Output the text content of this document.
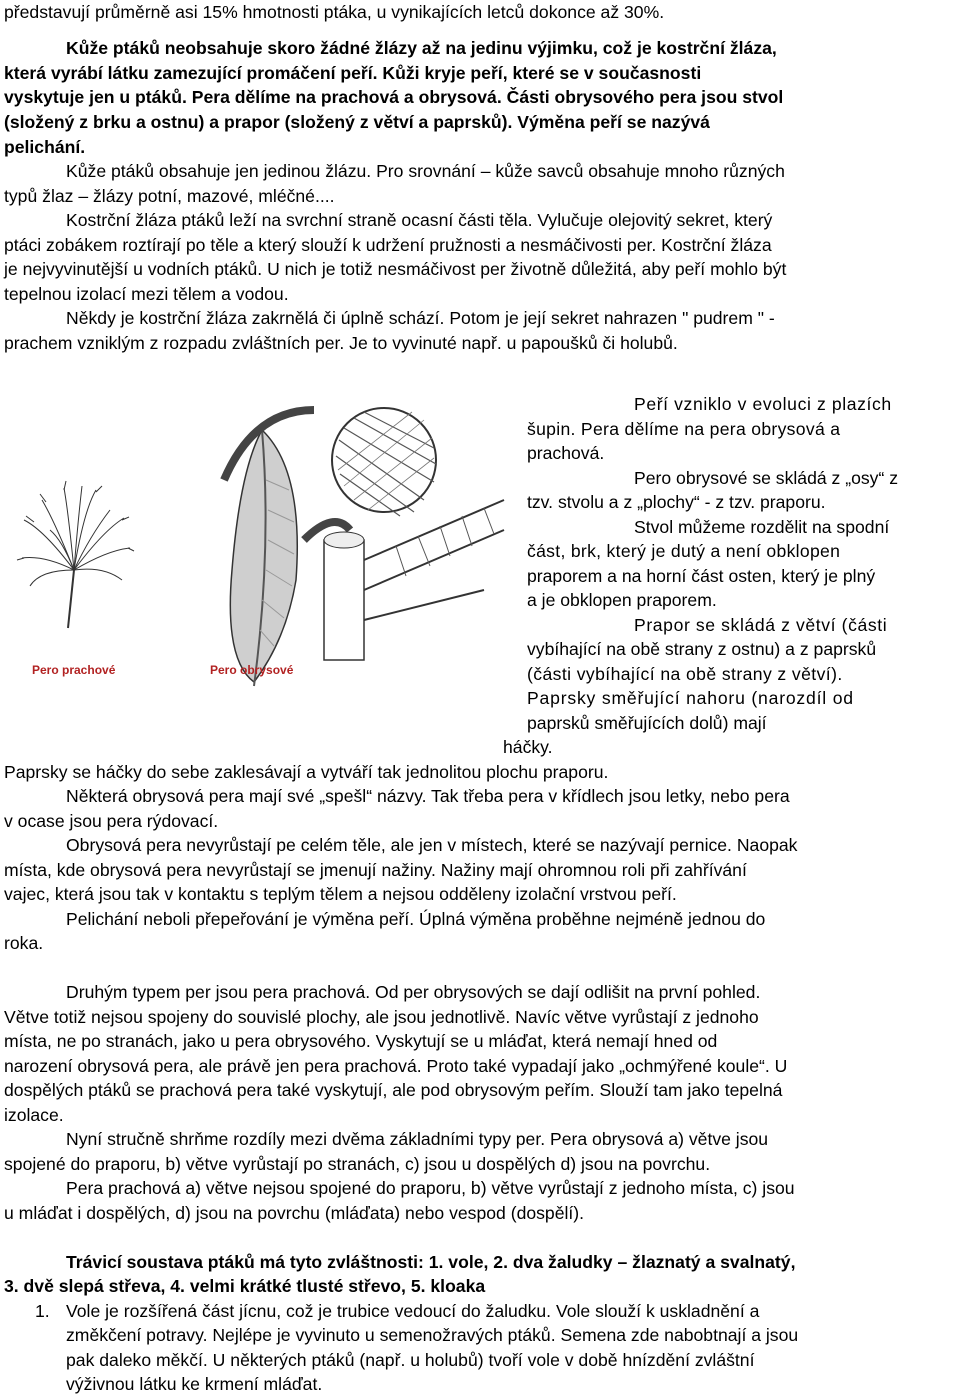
představují průměrně asi 15% hmotnosti ptáka, u vynikajících letců dokonce až 30%.

Kůže ptáků neobsahuje skoro žádné žlázy až na jedinu výjimku, což je kostrční žláza,

která vyrábí látku zamezující promáčení peří. Kůži kryje peří, které se v současnosti

vyskytuje jen u ptáků. Pera dělíme na prachová a obrysová. Části obrysového pera jsou stvol

(složený z brku a ostnu) a prapor (složený z větví a paprsků). Výměna peří se nazývá

pelichání.

Kůže ptáků obsahuje jen jedinou žlázu. Pro srovnání – kůže savců obsahuje mnoho různých

typů žlaz – žlázy potní, mazové, mléčné....

Kostrční žláza ptáků leží na svrchní straně ocasní části těla. Vylučuje olejovitý sekret, který

ptáci zobákem roztírají po těle a který slouží k udržení pružnosti a nesmáčivosti per. Kostrční žláza

je nejvyvinutější u vodních ptáků. U nich je totiž nesmáčivost per životně důležitá, aby peří mohlo být

tepelnou izolací mezi tělem a vodou.

Někdy je kostrční žláza zakrnělá či úplně schází. Potom je její sekret nahrazen " pudrem " -

prachem vzniklým z rozpadu zvláštních per. Je to vyvinuté např. u papoušků či holubů.

Pero prachové	Pero obrysové

Peří vzniklo v evoluci z plazích

šupin. Pera dělíme na pera obrysová a

prachová.

Pero obrysové se skládá z „osy“ z

tzv. stvolu a z „plochy“ - z tzv. praporu.

Stvol můžeme rozdělit na spodní

část, brk, který je dutý a není obklopen

praporem a na horní část osten, který je plný

a je obklopen praporem.

Prapor se skládá z větví (části

vybíhající na obě strany z ostnu) a z paprsků

(části vybíhající na obě strany z větví).

Paprsky směřující nahoru (narozdíl od

paprsků směřujících dolů) mají

háčky.

Paprsky se háčky do sebe zaklesávají a vytváří tak jednolitou plochu praporu.

Některá obrysová pera mají své „spešl“ názvy. Tak třeba pera v křídlech jsou letky, nebo pera

v ocase jsou pera rýdovací.

Obrysová pera nevyrůstají pe celém těle, ale jen v místech, které se nazývají pernice. Naopak

místa, kde obrysová pera nevyrůstají se jmenují nažiny. Nažiny mají ohromnou roli při zahřívání

vajec, která jsou tak v kontaktu s teplým tělem a nejsou odděleny izolační vrstvou peří.

Pelichání neboli přepeřování je výměna peří. Úplná výměna proběhne nejméně jednou do

roka.

Druhým typem per jsou pera prachová. Od per obrysových se dají odlišit na první pohled.

Větve totiž nejsou spojeny do souvislé plochy, ale jsou jednotlivě. Navíc větve vyrůstají z jednoho

místa, ne po stranách, jako u pera obrysového. Vyskytují se u mláďat, která nemají hned od

narození obrysová pera, ale právě jen pera prachová. Proto také vypadají jako „ochmýřené koule“. U

dospělých ptáků se prachová pera také vyskytují, ale pod obrysovým peřím. Slouží tam jako tepelná

izolace.

Nyní stručně shrňme rozdíly mezi dvěma základními typy per. Pera obrysová a) větve jsou

spojené do praporu, b) větve vyrůstají po stranách, c) jsou u dospělých d) jsou na povrchu.

Pera prachová a) větve nejsou spojené do praporu, b) větve vyrůstají z jednoho místa, c) jsou

u mláďat i dospělých, d) jsou na povrchu (mláďata) nebo vespod (dospělí).

Trávicí soustava ptáků má tyto zvláštnosti: 1. vole, 2. dva žaludky – žlaznatý a svalnatý,

3. dvě slepá střeva, 4. velmi krátké tlusté střevo, 5. kloaka

1. Vole je rozšířená část jícnu, což je trubice vedoucí do žaludku. Vole slouží k uskladnění a

změkčení potravy. Nejlépe je vyvinuto u semenožravých ptáků. Semena zde nabobtnají a jsou

pak daleko měkčí. U některých ptáků (např. u holubů) tvoří vole v době hnízdění zvláštní

výživnou látku ke krmení mláďat.
